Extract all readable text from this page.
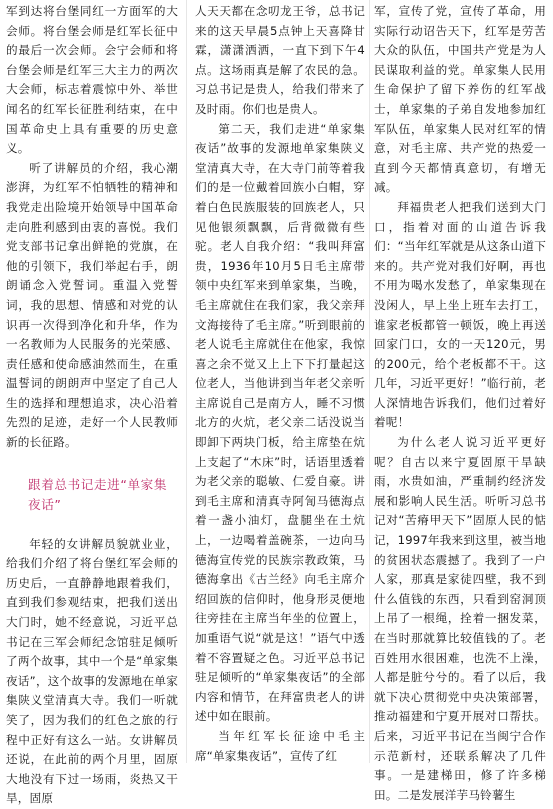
军到达将台堡同红一方面军的大会师。将台堡会师是红军长征中的最后一次会师。会宁会师和将台堡会师是红军三大主力的两次大会师，标志着震惊中外、举世闻名的红军长征胜利结束，在中国革命史上具有重要的历史意义。

听了讲解员的介绍，我心潮澎湃，为红军不怕牺牲的精神和我党走出险境开始领导中国革命走向胜利感到由衷的喜悦。我们党支部书记拿出鲜艳的党旗，在他的引领下，我们举起右手，朗朗诵念入党誓词。重温入党誓词，我的思想、情感和对党的认识再一次得到净化和升华，作为一名教师为人民服务的光荣感、责任感和使命感油然而生，在重温誓词的朗朗声中坚定了自己人生的选择和理想追求，决心沿着先烈的足迹，走好一个人民教师新的长征路。

跟着总书记走进“单家集夜话”

年轻的女讲解员貌就业业，给我们介绍了将台堡红军会师的历史后，一直静静地跟着我们，直到我们参观结束，把我们送出大门时，她不经意说，习近平总书记在三军会师纪念馆驻足倾听了两个故事，其中一个是“单家集夜话”，这个故事的发源地在单家集陕义堂清真大寺。我们一听就笑了，因为我们的红色之旅的行程中正好有这么一站。女讲解员还说，在此前的两个月里，固原大地没有下过一场雨，炎热又干旱，固原

人天天都在念叨龙王爷，总书记来的这天早晨5点钟上天喜降甘霖，潇潇洒洒，一直下到下午4点。这场雨真是解了农民的急。习总书记是贵人，给我们带来了及时雨。你们也是贵人。

第二天，我们走进“单家集夜话”故事的发源地单家集陕义堂清真大寺，在大寺门前等着我们的是一位戴着回族小白帽，穿着白色民族服装的回族老人，只见他银须飘飘，后背微微有些驼。老人自我介绍：“我叫拜富贵，1936年10月5日毛主席带领中央红军来到单家集，当晚，毛主席就住在我们家，我父亲拜文海接待了毛主席。”听到眼前的老人说毛主席就住在他家，我惊喜之余不觉又上上下下打量起这位老人，当他讲到当年老父亲听主席说自己是南方人，睡不习惯北方的火炕，老父亲二话没说当即卸下两块门板，给主席垫在炕上支起了“木床”时，话语里透着为老父亲的聪敏、仁爱自豪。讲到毛主席和清真寺阿訇马德海点着一盏小油灯，盘腿坐在土炕上，一边喝着盖碗茶，一边向马德海宣传党的民族宗教政策，马德海拿出《古兰经》向毛主席介绍回族的信仰时，他身形灵便地往旁挂在主席当年坐的位置上，加重语气说“就是这！”语气中透着不容置疑之色。习近平总书记驻足倾听的“单家集夜话”的全部内容和情节，在拜富贵老人的讲述中如在眼前。

当年红军长征途中毛主席“单家集夜话”，宣传了红

军，宣传了党，宣传了革命，用实际行动诏告天下，红军是劳苦大众的队伍，中国共产党是为人民谋取利益的党。单家集人民用生命保护了留下养伤的红军战士，单家集的子弟自发地参加红军队伍，单家集人民对红军的情意，对毛主席、共产党的热爱一直到今天都情真意切，有增无减。

拜福贵老人把我们送到大门口，指着对面的山道告诉我们：“当年红军就是从这条山道下来的。共产党对我们好啊，再也不用为喝水发愁了，单家集现在没闲人，早上坐上班车去打工，谁家老板都管一顿饭，晚上再送回家门口，女的一天120元，男的200元，给个老板都不干。这几年，习近平更好！”临行前，老人深情地告诉我们，他们过着好着呢！

为什么老人说习近平更好呢？自古以来宁夏固原干旱缺雨，水贵如油，严重制约经济发展和影响人民生活。听听习总书记对“苦瘠甲天下”固原人民的惦记，1997年我来到这里，被当地的贫困状态震撼了。我到了一户人家，那真是家徒四壁，我不到什么值钱的东西，只看到窑洞顶上吊了一根绳，拴着一捆发菜，在当时那就算比较值钱的了。老百姓用水很困难，也洗不上澡，人都是脏兮兮的。看了以后，我就下决心贯彻党中央决策部署，推动福建和宁夏开展对口帮扶。后来，习近平书记在当闽宁合作示范新村，还联系解决了几件事。一是建梯田，修了许多梯田。二是发展洋芋马铃薯生
